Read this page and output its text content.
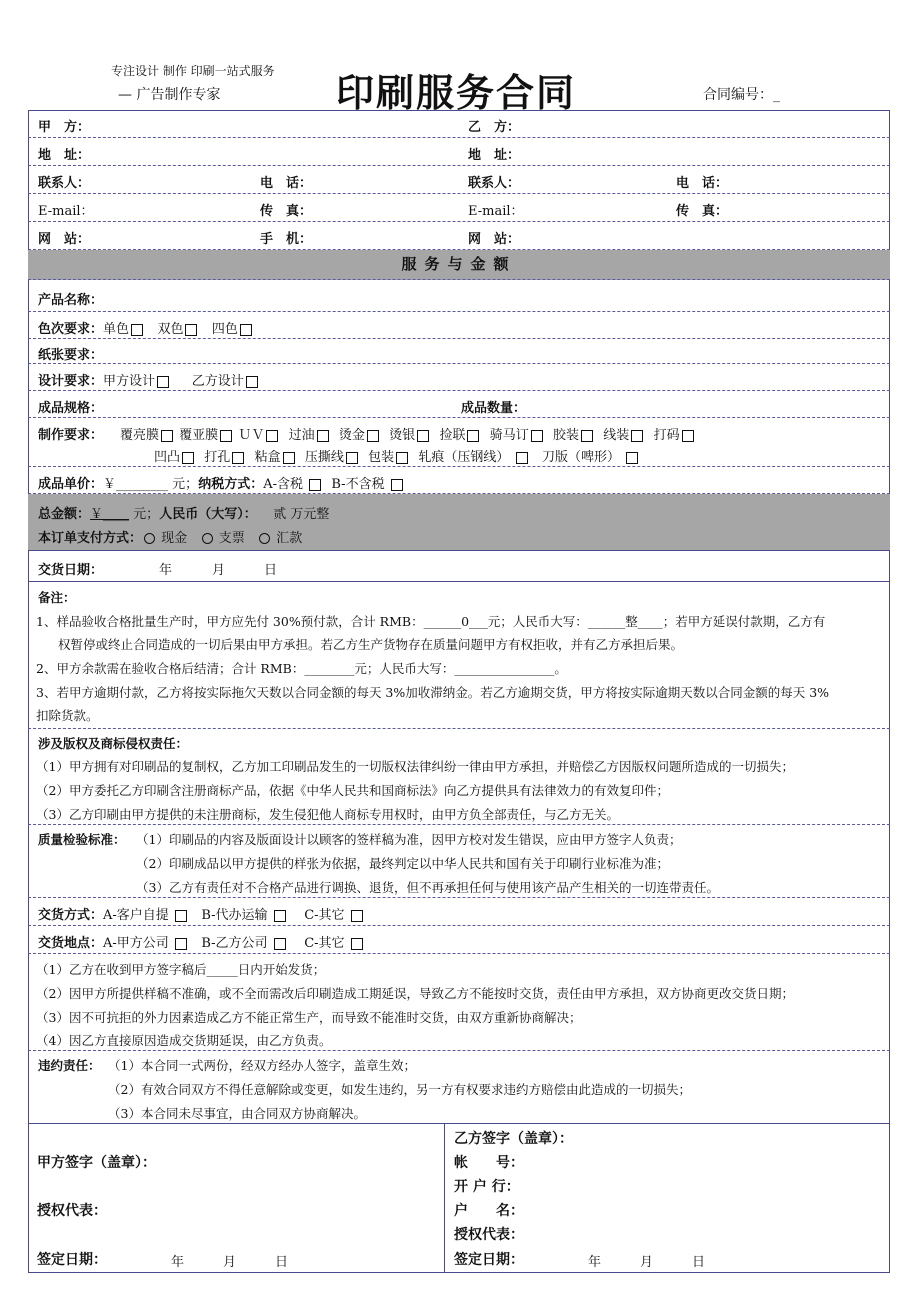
专注设计 制作 印刷一站式服务
— 广告制作专家	印刷服务合同	合同编号：_
甲　方：	乙　方：
地　址：	地　址：
联系人：	电　话：	联系人：	电　话：
E-mail：	传　真：	E-mail：	传　真：
网　站：	手　机：	网　站：
服务与金额
产品名称：
色次要求：单色 双色 四色
纸张要求：
设计要求：甲方设计	乙方设计
成品规格：	成品数量：
制作要求： 覆亮膜 覆亚膜 ＵＶ 过油 烫金 烫银 捡联 骑马订 胶装 线装 打码
凹凸 打孔 粘盒 压撕线 包装 轧痕（压钢线）	刀版（啤形）
成品单价：￥________ 元；纳税方式：A-含税 B-不含税
总金额：￥____ 元；人民币（大写）： 贰 万元整
本订单支付方式： 现金 支票 汇款
交货日期：	年	月	日
备注：
1、样品验收合格批量生产时，甲方应先付 30%预付款，合计 RMB：______0___元；人民币大写：______整____；若甲方延误付款期，乙方有
权暂停或终止合同造成的一切后果由甲方承担。若乙方生产货物存在质量问题甲方有权拒收，并有乙方承担后果。
2、甲方余款需在验收合格后结清；合计 RMB：________元；人民币大写：________________。
3、若甲方逾期付款，乙方将按实际拖欠天数以合同金额的每天 3%加收滞纳金。若乙方逾期交货，甲方将按实际逾期天数以合同金额的每天 3%
扣除货款。
涉及版权及商标侵权责任：
（1）甲方拥有对印刷品的复制权，乙方加工印刷品发生的一切版权法律纠纷一律由甲方承担，并赔偿乙方因版权问题所造成的一切损失；
（2）甲方委托乙方印刷含注册商标产品，依据《中华人民共和国商标法》向乙方提供具有法律效力的有效复印件；
（3）乙方印刷由甲方提供的未注册商标，发生侵犯他人商标专用权时，由甲方负全部责任，与乙方无关。
质量检验标准： （1）印刷品的内容及版面设计以顾客的签样稿为准，因甲方校对发生错误，应由甲方签字人负责；
（2）印刷成品以甲方提供的样张为依据，最终判定以中华人民共和国有关于印刷行业标准为准；
（3）乙方有责任对不合格产品进行调换、退货，但不再承担任何与使用该产品产生相关的一切连带责任。
交货方式：A-客户自提	B-代办运输	C-其它
交货地点：A-甲方公司	B-乙方公司	C-其它
（1）乙方在收到甲方签字稿后_____日内开始发货；
（2）因甲方所提供样稿不准确，或不全而需改后印刷造成工期延误，导致乙方不能按时交货，责任由甲方承担，双方协商更改交货日期；
（3）因不可抗拒的外力因素造成乙方不能正常生产，而导致不能准时交货，由双方重新协商解决；
（4）因乙方直接原因造成交货期延误，由乙方负责。
违约责任： （1）本合同一式两份，经双方经办人签字，盖章生效；
（2）有效合同双方不得任意解除或变更，如发生违约，另一方有权要求违约方赔偿由此造成的一切损失；
（3）本合同未尽事宜，由合同双方协商解决。
甲方签字（盖章）：
授权代表：
签定日期：	年	月	日
乙方签字（盖章）：
帐　　号：
开 户 行：
户　　名：
授权代表：
签定日期：	年	月	日
